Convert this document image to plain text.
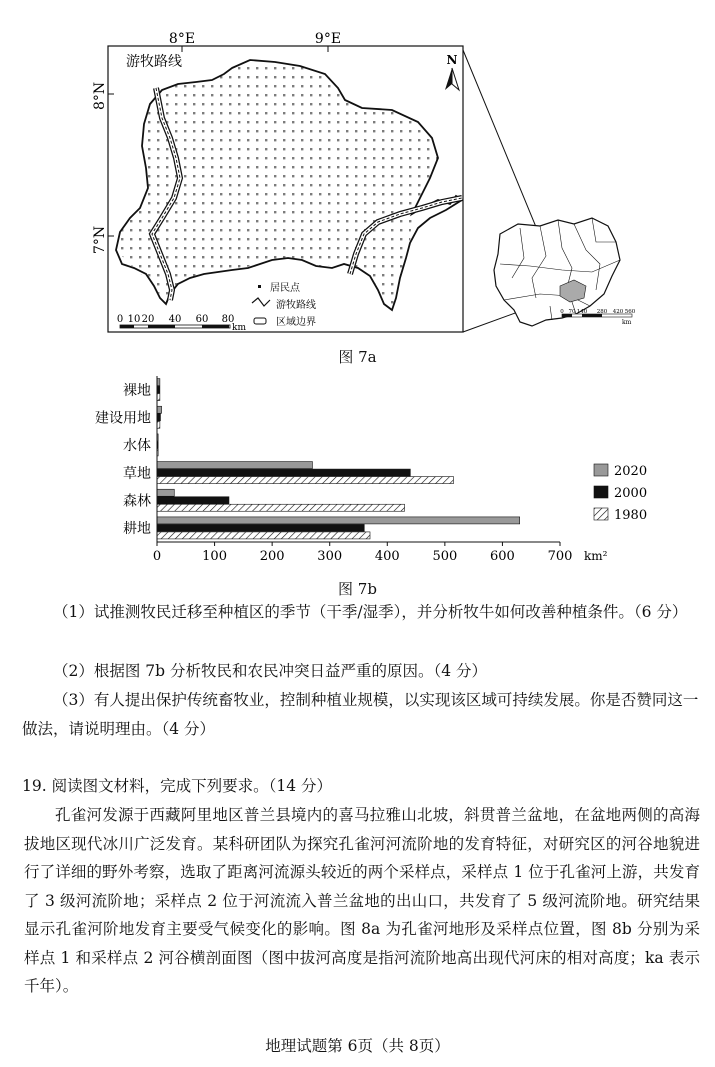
8°E	9°E
8°N
7°N
游牧路线	N
居民点
游牧路线
区域边界
0 10 20 40 60 80
km
0 70 140 280 420 560
km
图 7a
裸地
建设用地
水体
草地
森林
耕地
0	100	200	300	400	500	600	700 km²
2020
2000
1980
图 7b
（1）试推测牧民迁移至种植区的季节（干季/湿季），并分析牧牛如何改善种植条件。（6 分）
（2）根据图 7b 分析牧民和农民冲突日益严重的原因。（4 分）
（3）有人提出保护传统畜牧业，控制种植业规模，以实现该区域可持续发展。你是否赞同这一做法，请说明理由。（4 分）
19. 阅读图文材料，完成下列要求。（14 分）
孔雀河发源于西藏阿里地区普兰县境内的喜马拉雅山北坡，斜贯普兰盆地，在盆地两侧的高海拔地区现代冰川广泛发育。某科研团队为探究孔雀河河流阶地的发育特征，对研究区的河谷地貌进行了详细的野外考察，选取了距离河流源头较近的两个采样点，采样点 1 位于孔雀河上游，共发育了 3 级河流阶地；采样点 2 位于河流流入普兰盆地的出山口，共发育了 5 级河流阶地。研究结果显示孔雀河阶地发育主要受气候变化的影响。图 8a 为孔雀河地形及采样点位置，图 8b 分别为采样点 1 和采样点 2 河谷横剖面图（图中拔河高度是指河流阶地高出现代河床的相对高度；ka 表示千年）。
地理试题第 6页（共 8页）
